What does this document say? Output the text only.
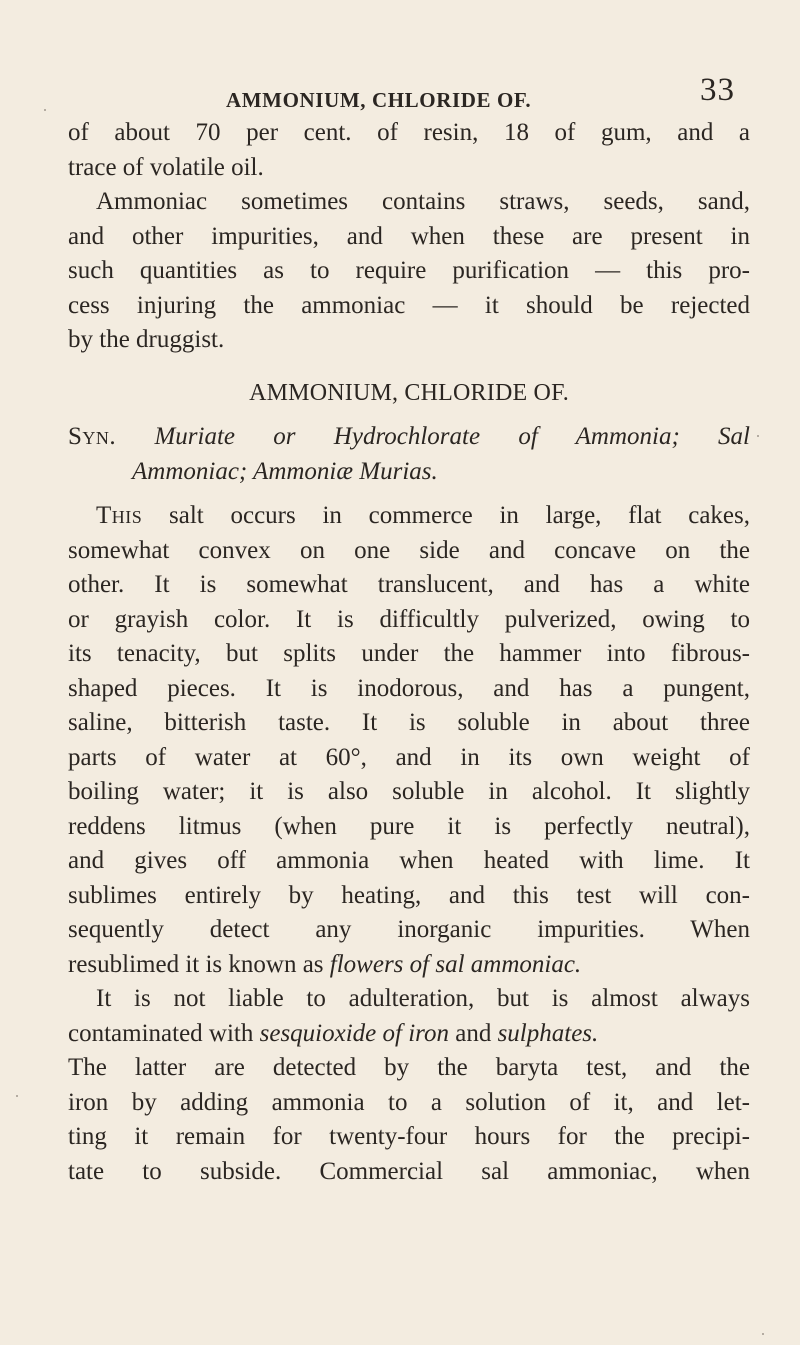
AMMONIUM, CHLORIDE OF.	33
of about 70 per cent. of resin, 18 of gum, and a
trace of volatile oil.
Ammoniac sometimes contains straws, seeds, sand,
and other impurities, and when these are present in
such quantities as to require purification — this pro-
cess injuring the ammoniac — it should be rejected
by the druggist.
AMMONIUM, CHLORIDE OF.
Syn. Muriate or Hydrochlorate of Ammonia; Sal
Ammoniac; Ammoniæ Murias.
This salt occurs in commerce in large, flat cakes,
somewhat convex on one side and concave on the
other. It is somewhat translucent, and has a white
or grayish color. It is difficultly pulverized, owing to
its tenacity, but splits under the hammer into fibrous-
shaped pieces. It is inodorous, and has a pungent,
saline, bitterish taste. It is soluble in about three
parts of water at 60°, and in its own weight of
boiling water; it is also soluble in alcohol. It slightly
reddens litmus (when pure it is perfectly neutral),
and gives off ammonia when heated with lime. It
sublimes entirely by heating, and this test will con-
sequently detect any inorganic impurities. When
resublimed it is known as flowers of sal ammoniac.
It is not liable to adulteration, but is almost always
contaminated with sesquioxide of iron and sulphates.
The latter are detected by the baryta test, and the
iron by adding ammonia to a solution of it, and let-
ting it remain for twenty-four hours for the precipi-
tate to subside. Commercial sal ammoniac, when
